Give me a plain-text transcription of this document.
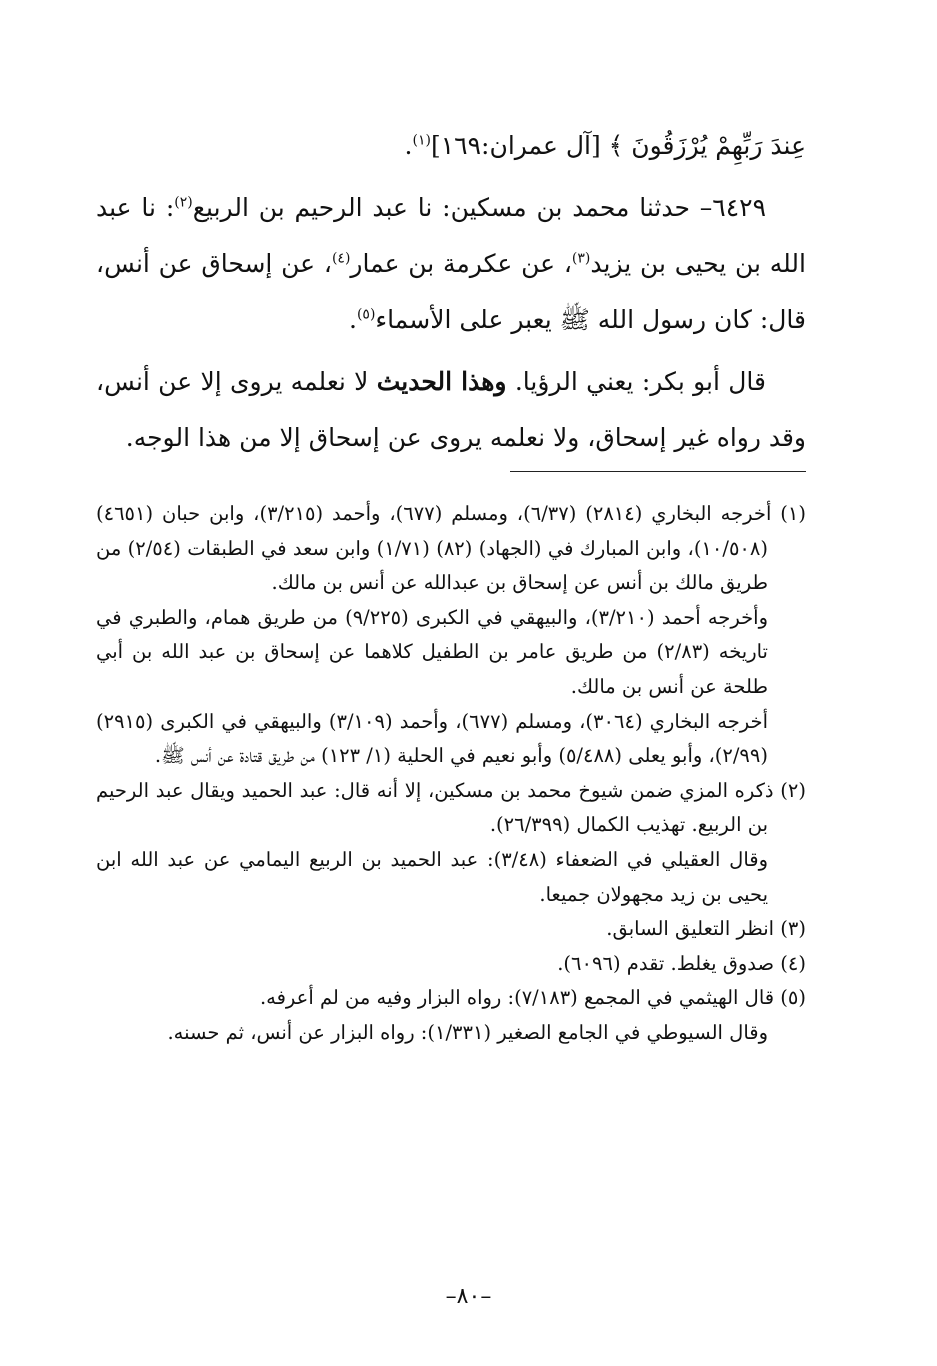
عِندَ رَبِّهِمْ يُرْزَقُونَ ﴾ [آل عمران:١٦٩]$^{(١)}$.

٦٤٢٩– حدثنا محمد بن مسكين: نا عبد الرحيم بن الربيع$^{(٢)}$: نا عبد الله بن يحيى بن يزيد$^{(٣)}$، عن عكرمة بن عمار$^{(٤)}$، عن إسحاق عن أنس، قال: كان رسول الله ﷺ يعبر على الأسماء$^{(٥)}$.

قال أبو بكر: يعني الرؤيا. وهذا الحديث لا نعلمه يروى إلا عن أنس، وقد رواه غير إسحاق، ولا نعلمه يروى عن إسحاق إلا من هذا الوجه.

(١) أخرجه البخاري (٢٨١٤) (٦/٣٧)، ومسلم (٦٧٧)، وأحمد (٣/٢١٥)، وابن حبان (٤٦٥١) (١٠/٥٠٨)، وابن المبارك في (الجهاد) (٨٢) (١/٧١) وابن سعد في الطبقات (٢/٥٤) من طريق مالك بن أنس عن إسحاق بن عبدالله عن أنس بن مالك.

وأخرجه أحمد (٣/٢١٠)، والبيهقي في الكبرى (٩/٢٢٥) من طريق همام، والطبري في تاريخه (٢/٨٣) من طريق عامر بن الطفيل كلاهما عن إسحاق بن عبد الله بن أبي طلحة عن أنس بن مالك.

أخرجه البخاري (٣٠٦٤)، ومسلم (٦٧٧)، وأحمد (٣/١٠٩) والبيهقي في الكبرى (٢٩١٥) (٢/٩٩)، وأبو يعلى (٥/٤٨٨) وأبو نعيم في الحلية (١/ ١٢٣) من طريق قتادة عن أنس ﷺ.

(٢) ذكره المزي ضمن شيوخ محمد بن مسكين، إلا أنه قال: عبد الحميد ويقال عبد الرحيم بن الربيع. تهذيب الكمال (٢٦/٣٩٩).

وقال العقيلي في الضعفاء (٣/٤٨): عبد الحميد بن الربيع اليمامي عن عبد الله ابن يحيى بن زيد مجهولان جميعا.

(٣) انظر التعليق السابق.

(٤) صدوق يغلط. تقدم (٦٠٩٦).

(٥) قال الهيثمي في المجمع (٧/١٨٣): رواه البزار وفيه من لم أعرفه.

وقال السيوطي في الجامع الصغير (١/٣٣١): رواه البزار عن أنس، ثم حسنه.

–٨٠–
